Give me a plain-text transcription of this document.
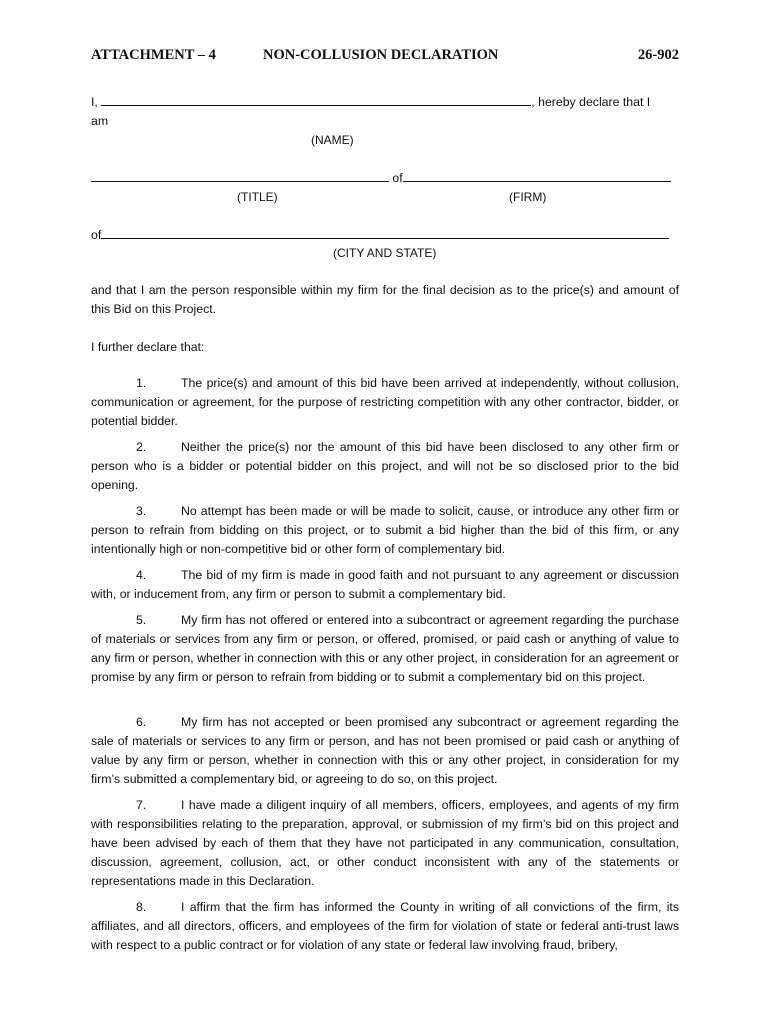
ATTACHMENT – 4	NON-COLLUSION DECLARATION	26-902
I,	, hereby declare that I
am
(NAME)
of
(TITLE)	(FIRM)
of
(CITY AND STATE)

and that I am the person responsible within my firm for the final decision as to the price(s) and amount of this Bid on this Project.

I further declare that:

1.	The price(s) and amount of this bid have been arrived at independently, without collusion, communication or agreement, for the purpose of restricting competition with any other contractor, bidder, or potential bidder.

2.	Neither the price(s) nor the amount of this bid have been disclosed to any other firm or person who is a bidder or potential bidder on this project, and will not be so disclosed prior to the bid opening.

3.	No attempt has been made or will be made to solicit, cause, or introduce any other firm or person to refrain from bidding on this project, or to submit a bid higher than the bid of this firm, or any intentionally high or non-competitive bid or other form of complementary bid.

4.	The bid of my firm is made in good faith and not pursuant to any agreement or discussion with, or inducement from, any firm or person to submit a complementary bid.

5.	My firm has not offered or entered into a subcontract or agreement regarding the purchase of materials or services from any firm or person, or offered, promised, or paid cash or anything of value to any firm or person, whether in connection with this or any other project, in consideration for an agreement or promise by any firm or person to refrain from bidding or to submit a complementary bid on this project.

6.	My firm has not accepted or been promised any subcontract or agreement regarding the sale of materials or services to any firm or person, and has not been promised or paid cash or anything of value by any firm or person, whether in connection with this or any other project, in consideration for my firm’s submitted a complementary bid, or agreeing to do so, on this project.

7.	I have made a diligent inquiry of all members, officers, employees, and agents of my firm with responsibilities relating to the preparation, approval, or submission of my firm’s bid on this project and have been advised by each of them that they have not participated in any communication, consultation, discussion, agreement, collusion, act, or other conduct inconsistent with any of the statements or representations made in this Declaration.

8.	I affirm that the firm has informed the County in writing of all convictions of the firm, its affiliates, and all directors, officers, and employees of the firm for violation of state or federal anti-trust laws with respect to a public contract or for violation of any state or federal law involving fraud, bribery,
